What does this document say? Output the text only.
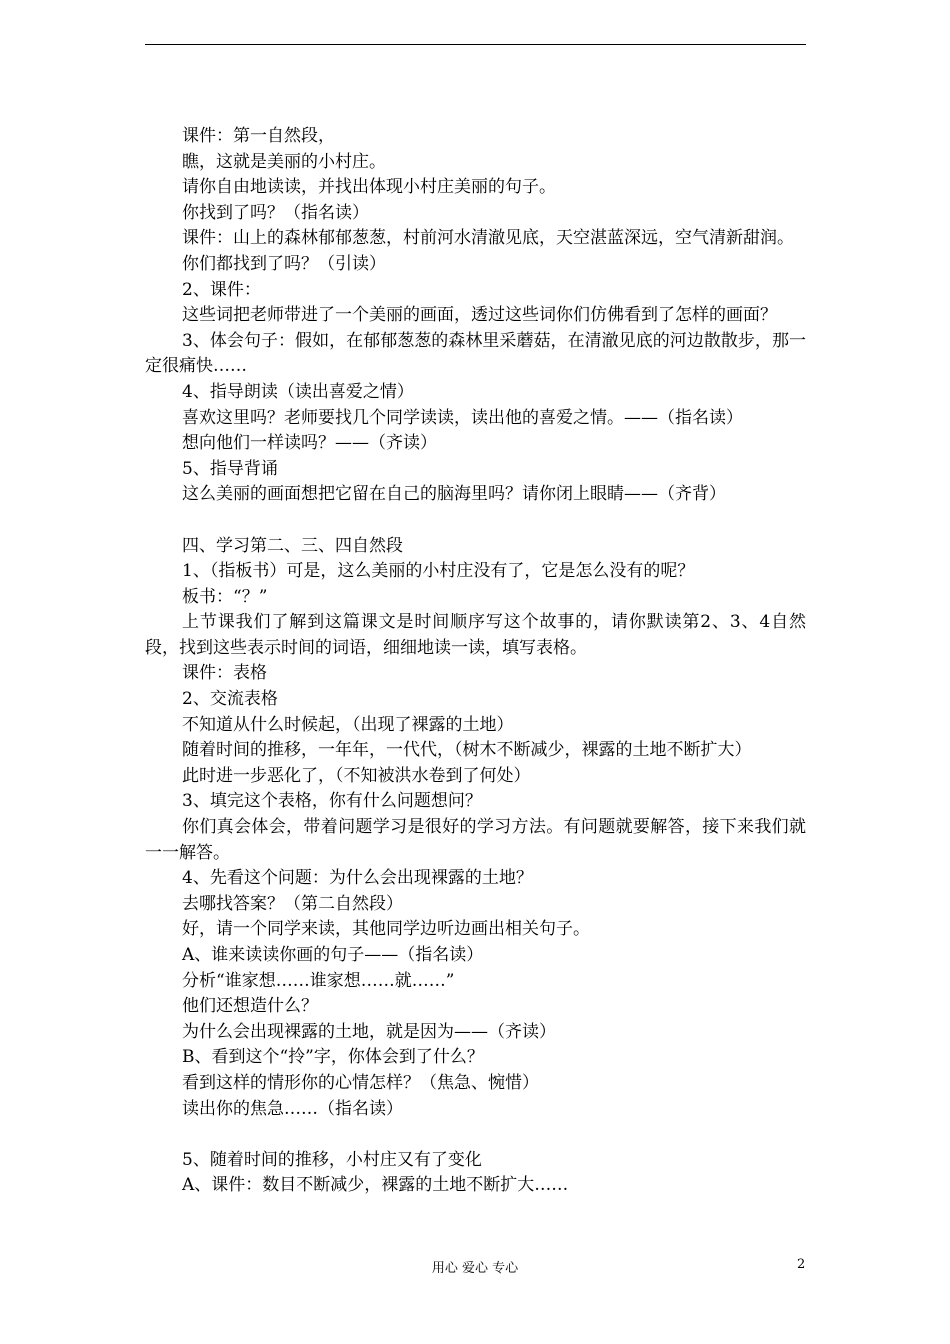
课件：第一自然段，

瞧，这就是美丽的小村庄。

请你自由地读读，并找出体现小村庄美丽的句子。

你找到了吗？（指名读）

课件：山上的森林郁郁葱葱，村前河水清澈见底，天空湛蓝深远，空气清新甜润。

你们都找到了吗？（引读）

2、课件：

这些词把老师带进了一个美丽的画面，透过这些词你们仿佛看到了怎样的画面？

3、体会句子：假如，在郁郁葱葱的森林里采蘑菇，在清澈见底的河边散散步，那一定很痛快……

4、指导朗读（读出喜爱之情）

喜欢这里吗？老师要找几个同学读读，读出他的喜爱之情。——（指名读）

想向他们一样读吗？——（齐读）

5、指导背诵

这么美丽的画面想把它留在自己的脑海里吗？请你闭上眼睛——（齐背）

四、学习第二、三、四自然段

1、（指板书）可是，这么美丽的小村庄没有了，它是怎么没有的呢？

板书：“？”

上节课我们了解到这篇课文是时间顺序写这个故事的，请你默读第2、3、4自然段，找到这些表示时间的词语，细细地读一读，填写表格。

课件：表格

2、交流表格

不知道从什么时候起，（出现了裸露的土地）

随着时间的推移，一年年，一代代，（树木不断减少，裸露的土地不断扩大）

此时进一步恶化了，（不知被洪水卷到了何处）

3、填完这个表格，你有什么问题想问？

你们真会体会，带着问题学习是很好的学习方法。有问题就要解答，接下来我们就一一解答。

4、先看这个问题：为什么会出现裸露的土地？

去哪找答案？（第二自然段）

好，请一个同学来读，其他同学边听边画出相关句子。

A、谁来读读你画的句子——（指名读）

分析“谁家想……谁家想……就……”

他们还想造什么？

为什么会出现裸露的土地，就是因为——（齐读）

B、看到这个“拎”字，你体会到了什么？

看到这样的情形你的心情怎样？（焦急、惋惜）

读出你的焦急……（指名读）

5、随着时间的推移，小村庄又有了变化

A、课件：数目不断减少，裸露的土地不断扩大……

用心 爱心 专心	2
